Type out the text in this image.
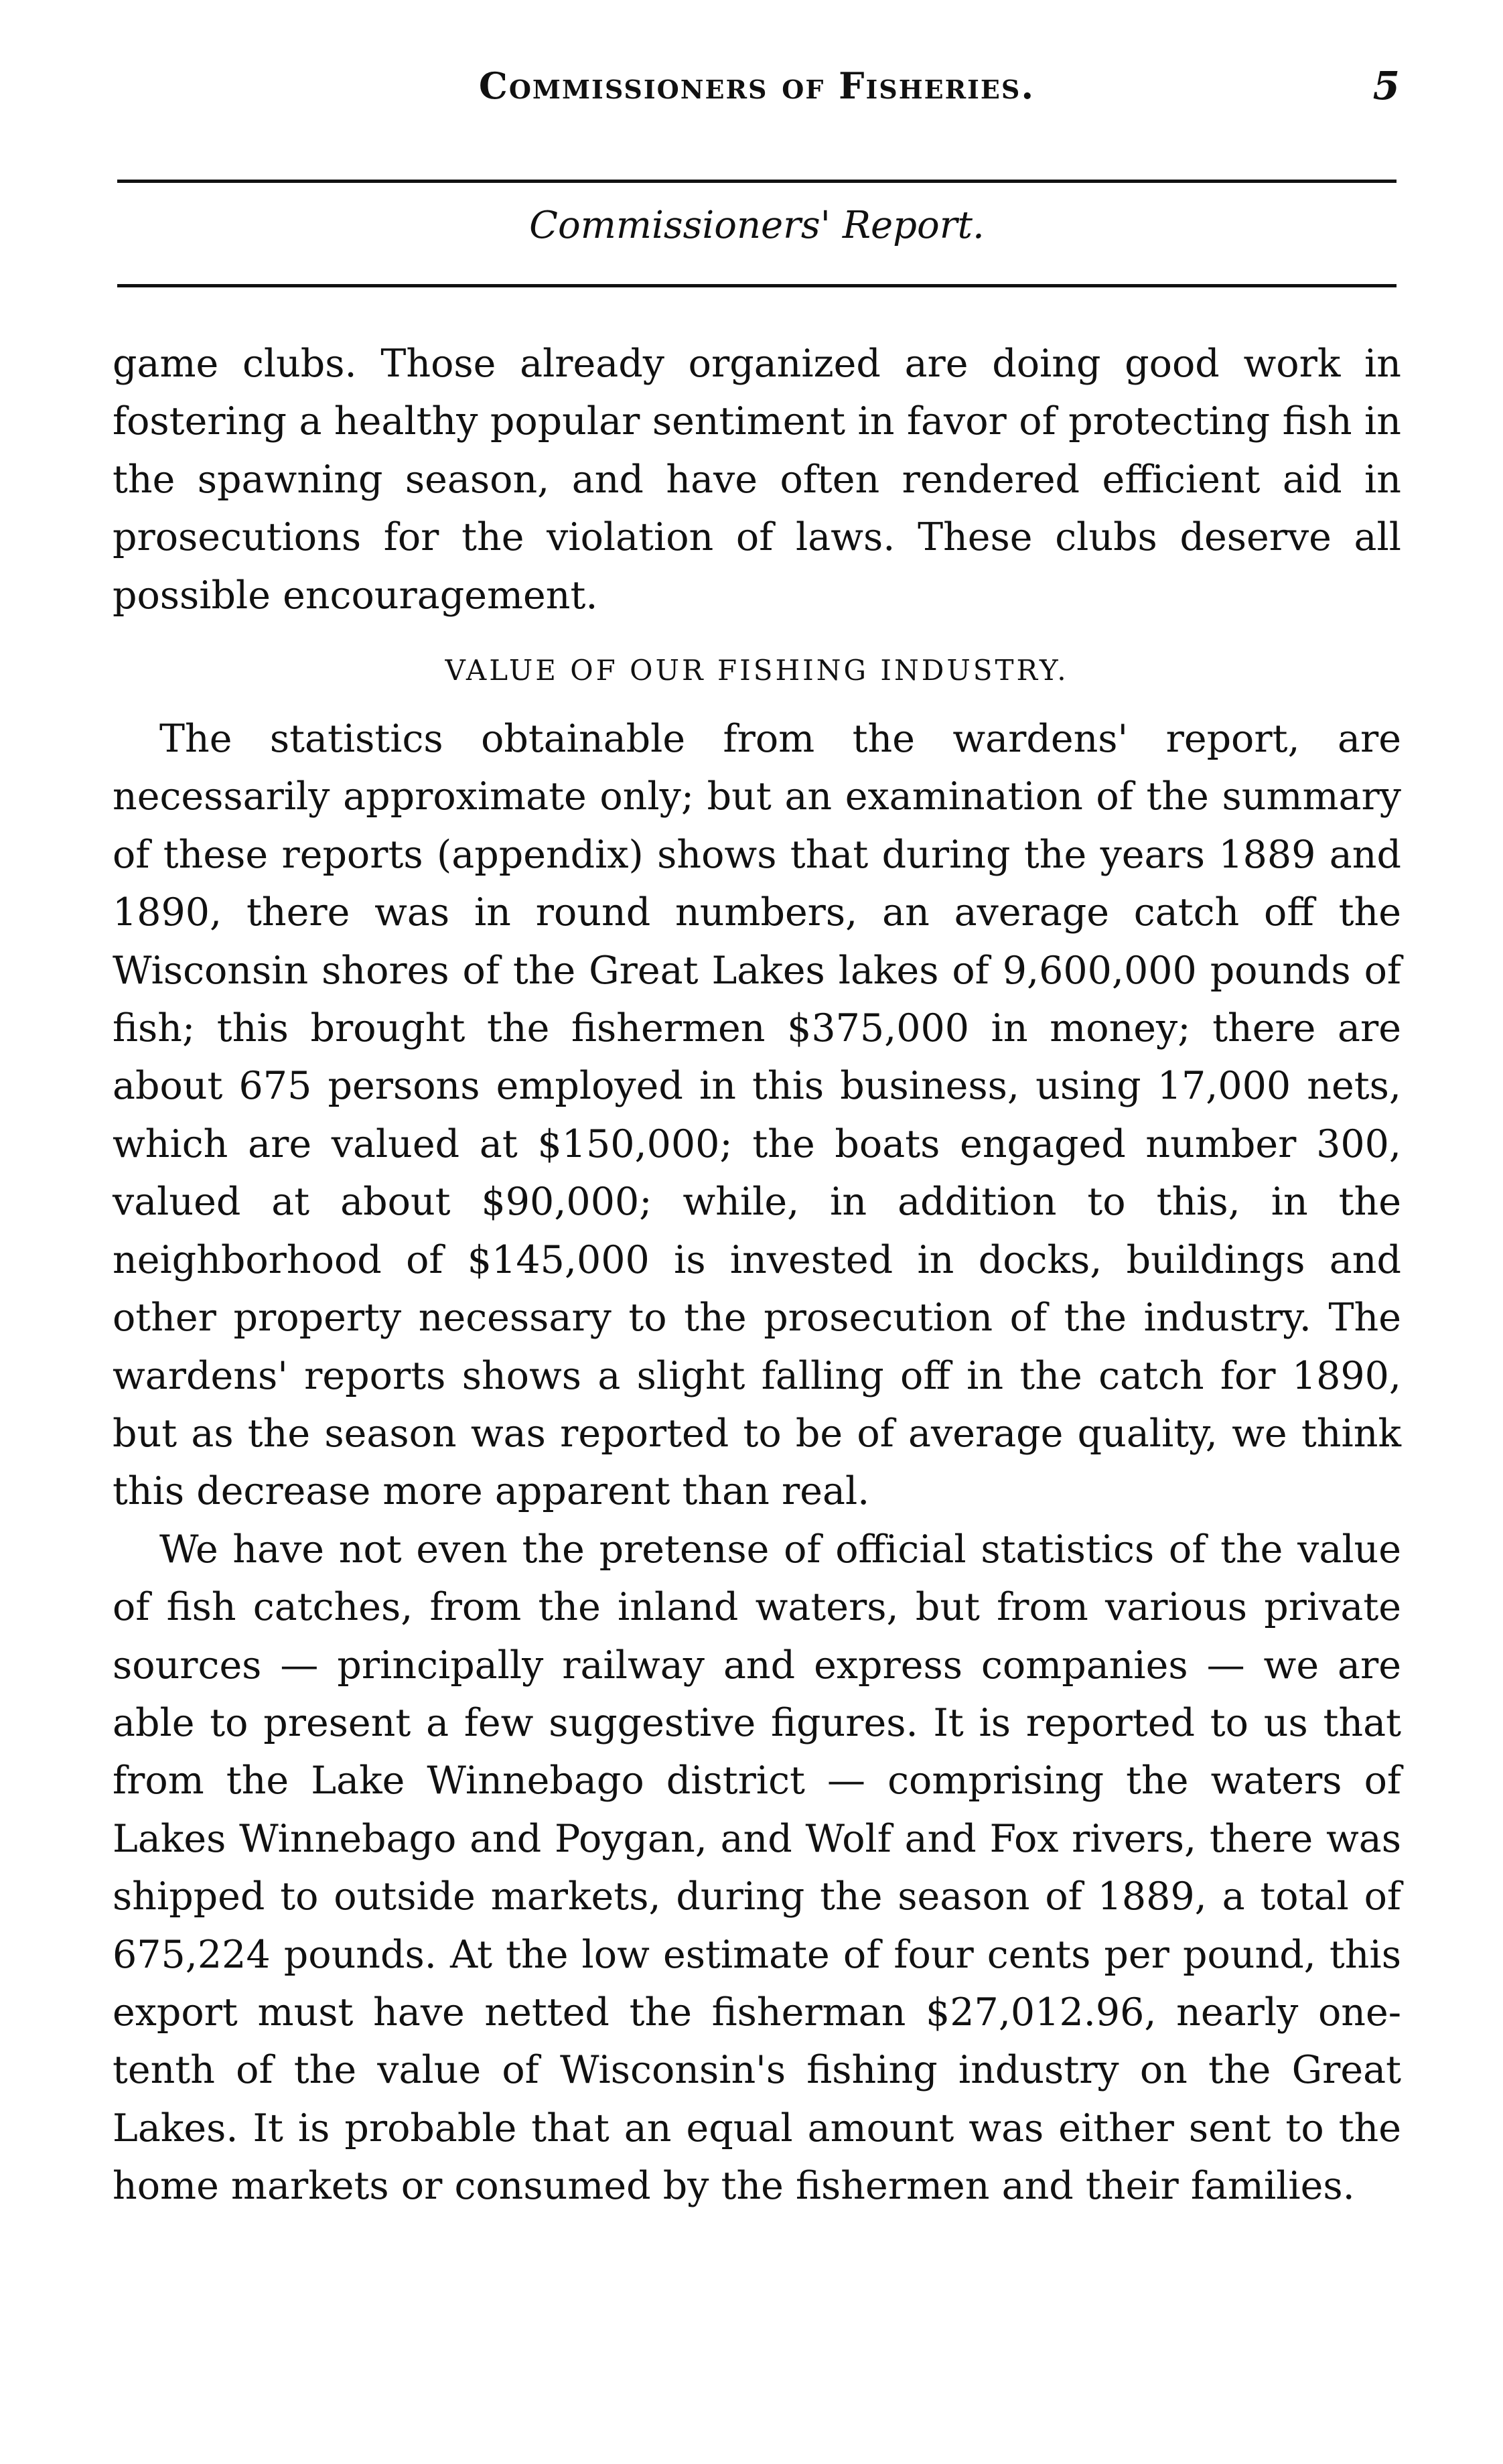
Commissioners of Fisheries.	5
Commissioners' Report.

game clubs. Those already organized are doing good work in fostering a healthy popular sentiment in favor of protecting fish in the spawning season, and have often rendered efficient aid in prosecutions for the violation of laws. These clubs deserve all possible encouragement.

VALUE OF OUR FISHING INDUSTRY.

The statistics obtainable from the wardens' report, are necessarily approximate only; but an examination of the summary of these reports (appendix) shows that during the years 1889 and 1890, there was in round numbers, an average catch off the Wisconsin shores of the Great Lakes lakes of 9,600,000 pounds of fish; this brought the fishermen $375,000 in money; there are about 675 persons employed in this business, using 17,000 nets, which are valued at $150,000; the boats engaged number 300, valued at about $90,000; while, in addition to this, in the neighborhood of $145,000 is invested in docks, buildings and other property necessary to the prosecution of the industry. The wardens' reports shows a slight falling off in the catch for 1890, but as the season was reported to be of average quality, we think this decrease more apparent than real.

We have not even the pretense of official statistics of the value of fish catches, from the inland waters, but from various private sources — principally railway and express companies — we are able to present a few suggestive figures. It is reported to us that from the Lake Winnebago district — comprising the waters of Lakes Winnebago and Poygan, and Wolf and Fox rivers, there was shipped to outside markets, during the season of 1889, a total of 675,224 pounds. At the low estimate of four cents per pound, this export must have netted the fisherman $27,012.96, nearly one-tenth of the value of Wisconsin's fishing industry on the Great Lakes. It is probable that an equal amount was either sent to the home markets or consumed by the fishermen and their families.
